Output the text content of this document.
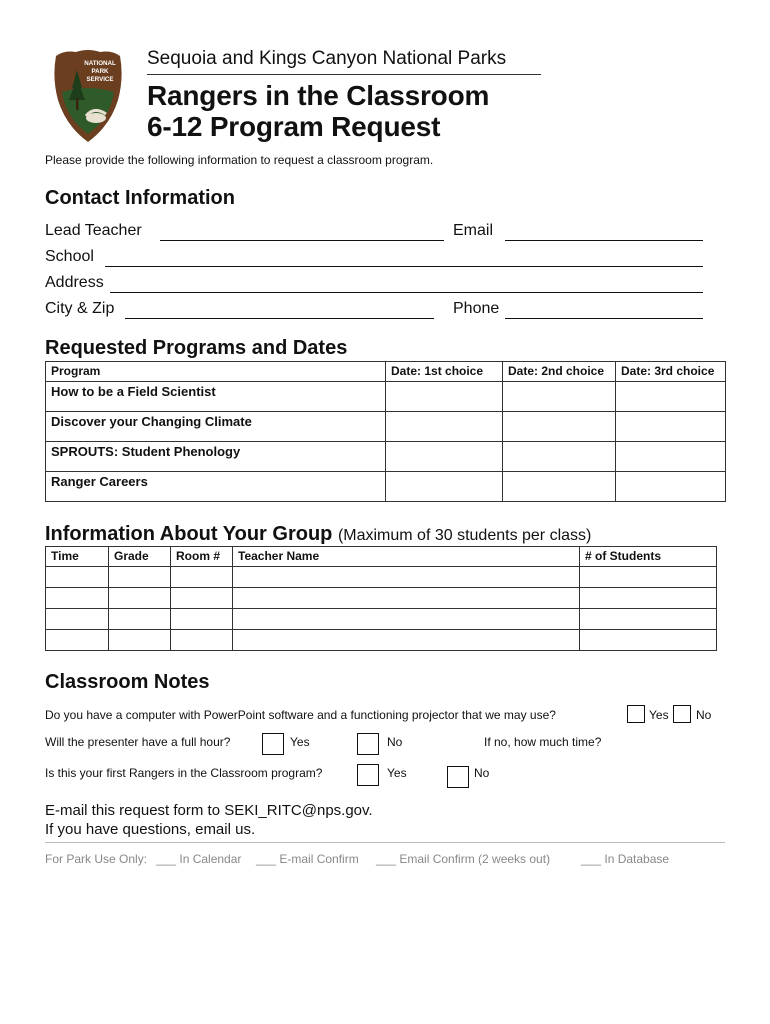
NATIONAL
PARK
SERVICE
Sequoia and Kings Canyon National Parks
Rangers in the Classroom
6-12 Program Request
Please provide the following information to request a classroom program.
Contact Information
Lead Teacher	Email
School
Address
City & Zip	Phone
Requested Programs and Dates
Program	Date: 1st choice	Date: 2nd choice	Date: 3rd choice
How to be a Field Scientist			
Discover your Changing Climate			
SPROUTS: Student Phenology			
Ranger Careers			
Information About Your Group (Maximum of 30 students per class)
Time	Grade	Room #	Teacher Name	# of Students

Classroom Notes
Do you have a computer with PowerPoint software and a functioning projector that we may use?	Yes No
Will the presenter have a full hour?	Yes	No	If no, how much time?
Is this your first Rangers in the Classroom program?	Yes	No
E-mail this request form to SEKI_RITC@nps.gov.
If you have questions, email us.
For Park Use Only: ___ In Calendar ___ E-mail Confirm ___ Email Confirm (2 weeks out)	___ In Database
